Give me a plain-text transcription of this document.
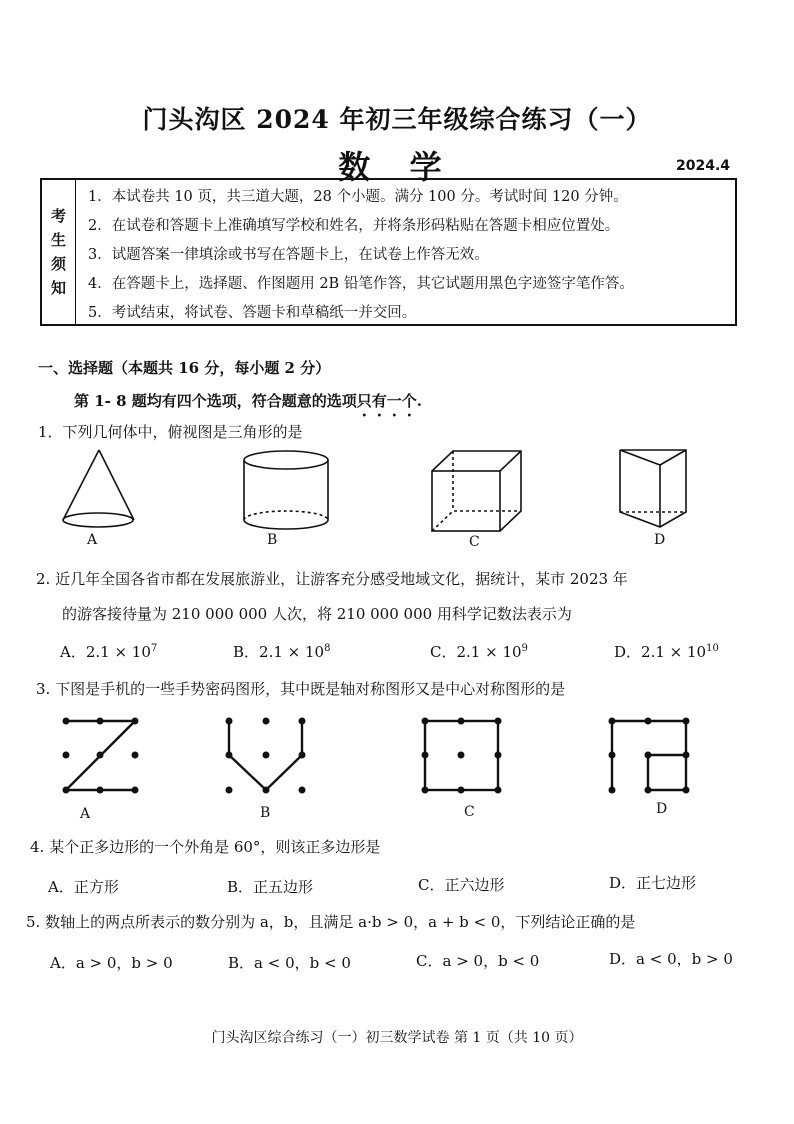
门头沟区 2024 年初三年级综合练习（一）
数 学	2024.4
考
生
须
知
1．本试卷共 10 页，共三道大题，28 个小题。满分 100 分。考试时间 120 分钟。
2．在试卷和答题卡上准确填写学校和姓名，并将条形码粘贴在答题卡相应位置处。
3．试题答案一律填涂或书写在答题卡上，在试卷上作答无效。
4．在答题卡上，选择题、作图题用 2B 铅笔作答，其它试题用黑色字迹签字笔作答。
5．考试结束，将试卷、答题卡和草稿纸一并交回。
一、选择题（本题共 16 分，每小题 2 分）
第 1- 8 题均有四个选项，符合题意的选项只有一个.
1．下列几何体中，俯视图是三角形的是
A	B	C	D
2. 近几年全国各省市都在发展旅游业，让游客充分感受地域文化，据统计，某市 2023 年
的游客接待量为 210 000 000 人次，将 210 000 000 用科学记数法表示为
A．$2.1 \times 10^7$	B．$2.1 \times 10^8$	C．$2.1 \times 10^9$	D．$2.1 \times 10^{10}$
3. 下图是手机的一些手势密码图形，其中既是轴对称图形又是中心对称图形的是
A	B	C	D
4. 某个正多边形的一个外角是 60°，则该正多边形是
A．正方形	B．正五边形	C．正六边形	D．正七边形
5. 数轴上的两点所表示的数分别为 a，b，且满足 a·b > 0，a + b < 0，下列结论正确的是
A．a > 0，b > 0	B．a < 0，b < 0	C．a > 0，b < 0	D．a < 0，b > 0
门头沟区综合练习（一）初三数学试卷 第 1 页（共 10 页）
